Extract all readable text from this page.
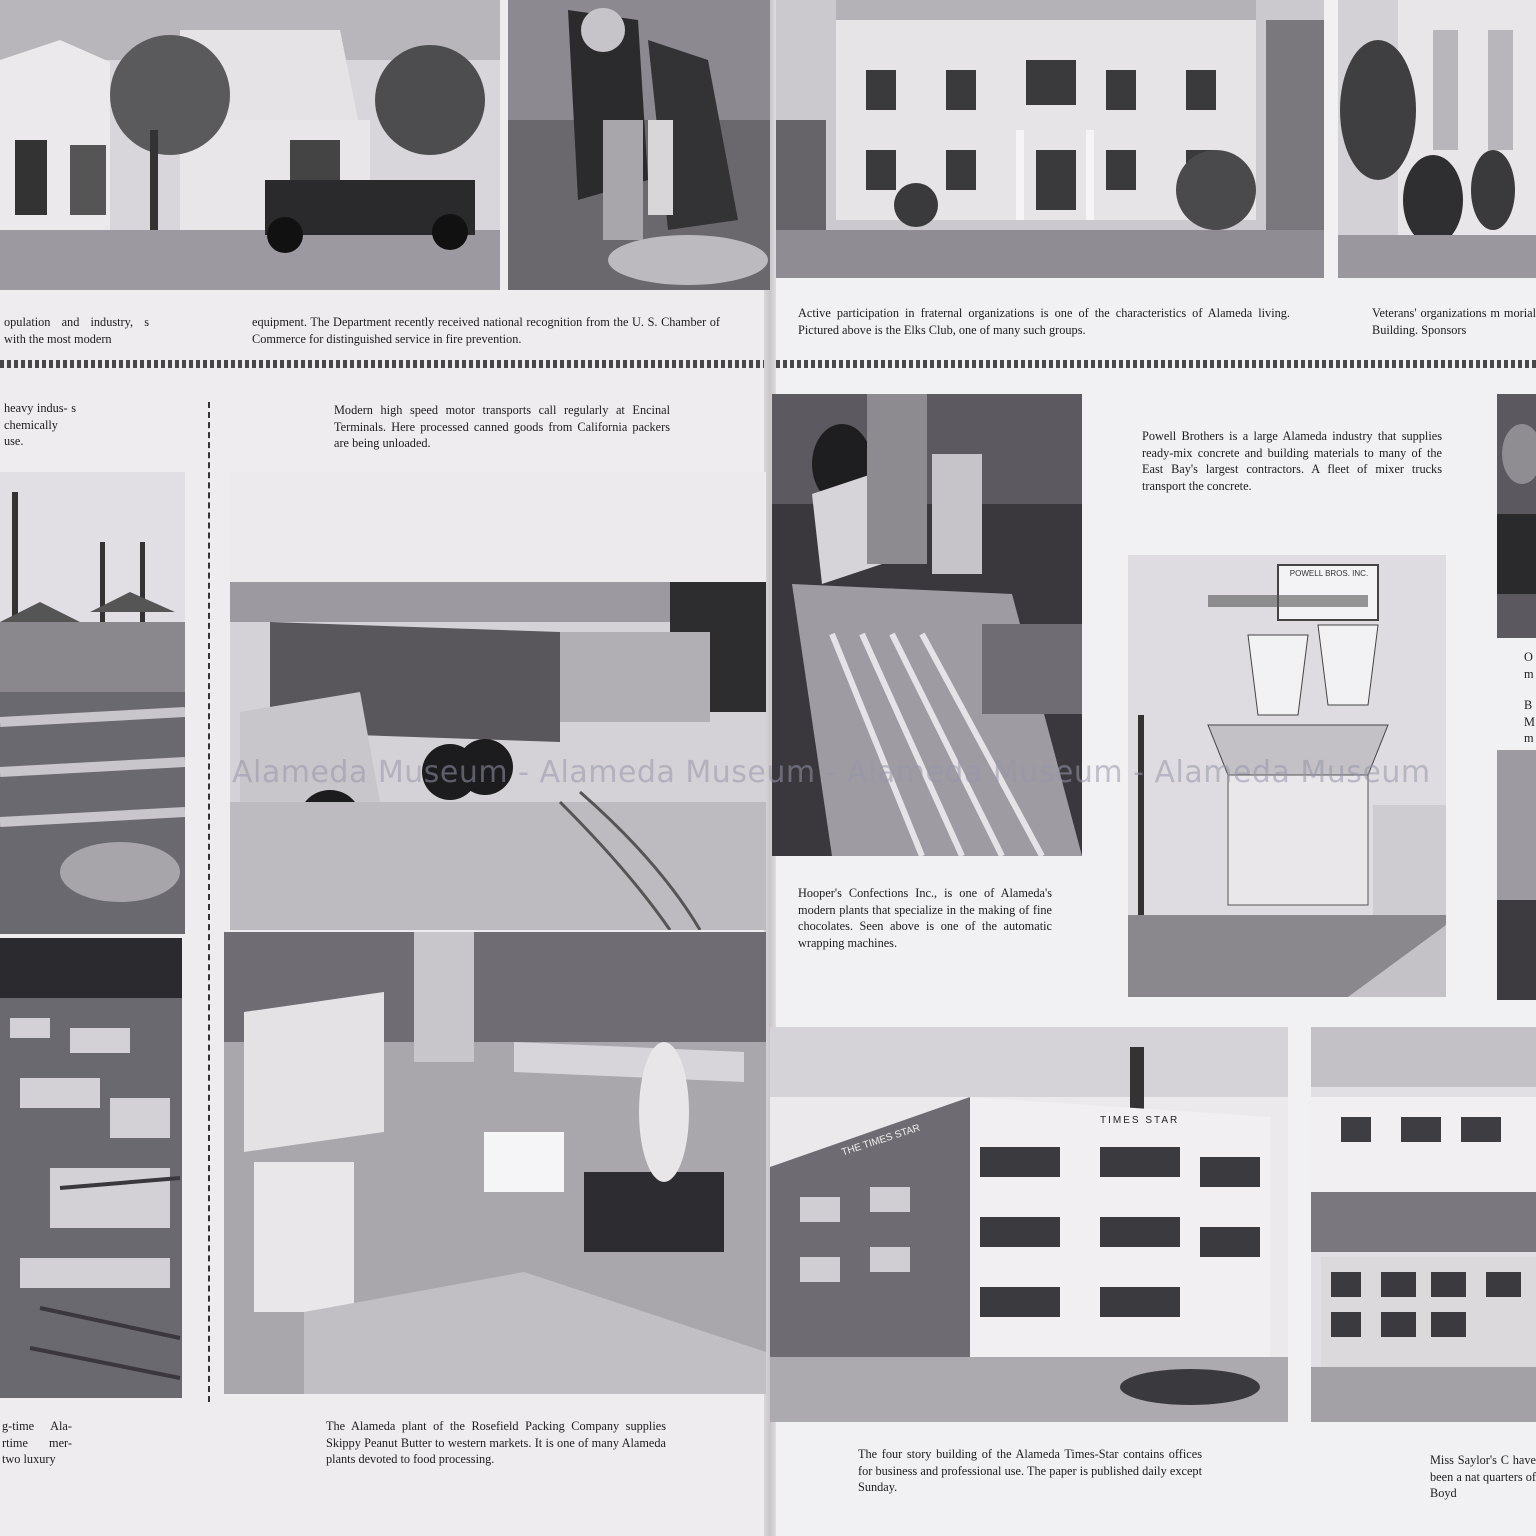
opulation and industry, s with the most modern

equipment. The Department recently received national recognition from the U. S. Chamber of Commerce for distinguished service in fire prevention.

Active participation in fraternal organizations is one of the characteristics of Alameda living. Pictured above is the Elks Club, one of many such groups.

Veterans' organizations m morial Building. Sponsors

heavy indus- s chemically use.

Modern high speed motor transports call regularly at Encinal Terminals. Here processed canned goods from California packers are being unloaded.	Powell Brothers is a large Alameda industry that supplies ready-mix concrete and building materials to many of the East Bay's largest contractors. A fleet of mixer trucks transport the concrete.

POWELL BROS. INC.

O m

B M m

TIMES STAR
THE TIMES STAR

Hooper's Confections Inc., is one of Alameda's modern plants that specialize in the making of fine chocolates. Seen above is one of the automatic wrapping machines.

g-time Ala- rtime mer- two luxury

The Alameda plant of the Rosefield Packing Company supplies Skippy Peanut Butter to western markets. It is one of many Alameda plants devoted to food processing.	The four story building of the Alameda Times-Star contains offices for business and professional use. The paper is published daily except Sunday.

Miss Saylor's C have been a nat quarters of Boyd

Alameda Museum - Alameda Museum - Alameda Museum - Alameda Museum
